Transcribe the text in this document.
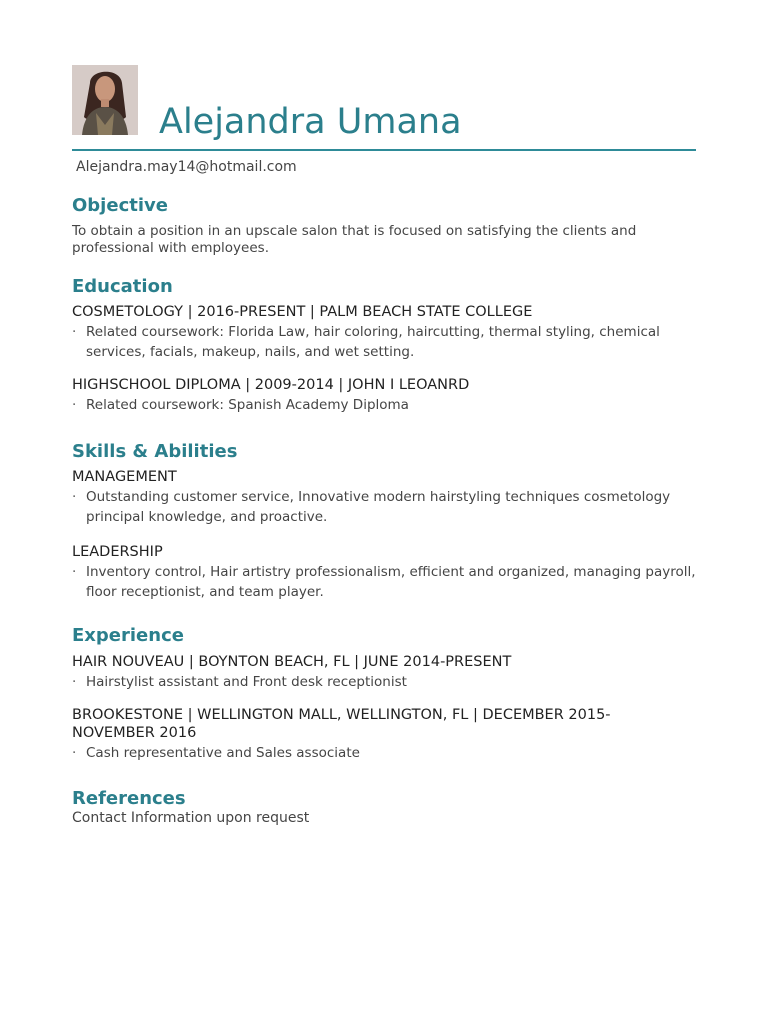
Alejandra Umana
Alejandra.may14@hotmail.com
Objective
To obtain a position in an upscale salon that is focused on satisfying the clients and professional with employees.
Education
COSMETOLOGY | 2016-PRESENT | PALM BEACH STATE COLLEGE
· Related coursework: Florida Law, hair coloring, haircutting, thermal styling, chemical services, facials, makeup, nails, and wet setting.
HIGHSCHOOL DIPLOMA | 2009-2014 | JOHN I LEOANRD
· Related coursework: Spanish Academy Diploma
Skills & Abilities
MANAGEMENT
· Outstanding customer service, Innovative modern hairstyling techniques cosmetology principal knowledge, and proactive.
LEADERSHIP
· Inventory control, Hair artistry professionalism, efficient and organized, managing payroll, floor receptionist, and team player.
Experience
HAIR NOUVEAU | BOYNTON BEACH, FL | JUNE 2014-PRESENT
· Hairstylist assistant and Front desk receptionist
BROOKESTONE | WELLINGTON MALL, WELLINGTON, FL | DECEMBER 2015-
NOVEMBER 2016
· Cash representative and Sales associate
References
Contact Information upon request
